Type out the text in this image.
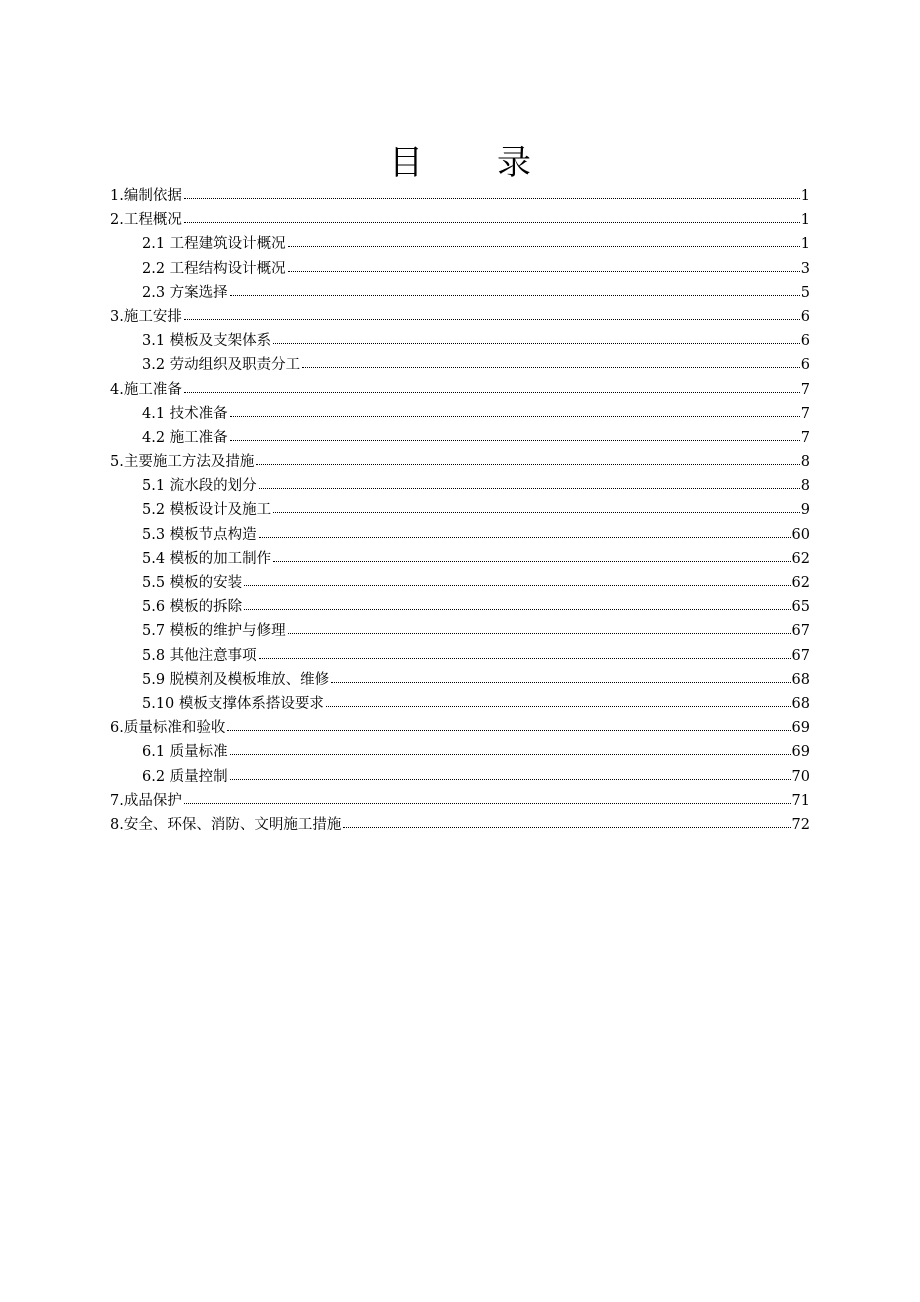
目 录
1.编制依据	1
2.工程概况	1
2.1 工程建筑设计概况	1
2.2 工程结构设计概况	3
2.3 方案选择	5
3.施工安排	6
3.1 模板及支架体系	6
3.2 劳动组织及职责分工	6
4.施工准备	7
4.1 技术准备	7
4.2 施工准备	7
5.主要施工方法及措施	8
5.1 流水段的划分	8
5.2 模板设计及施工	9
5.3 模板节点构造	60
5.4 模板的加工制作	62
5.5 模板的安装	62
5.6 模板的拆除	65
5.7 模板的维护与修理	67
5.8 其他注意事项	67
5.9 脱模剂及模板堆放、维修	68
5.10 模板支撑体系搭设要求	68
6.质量标准和验收	69
6.1 质量标准	69
6.2 质量控制	70
7.成品保护	71
8.安全、环保、消防、文明施工措施	72
